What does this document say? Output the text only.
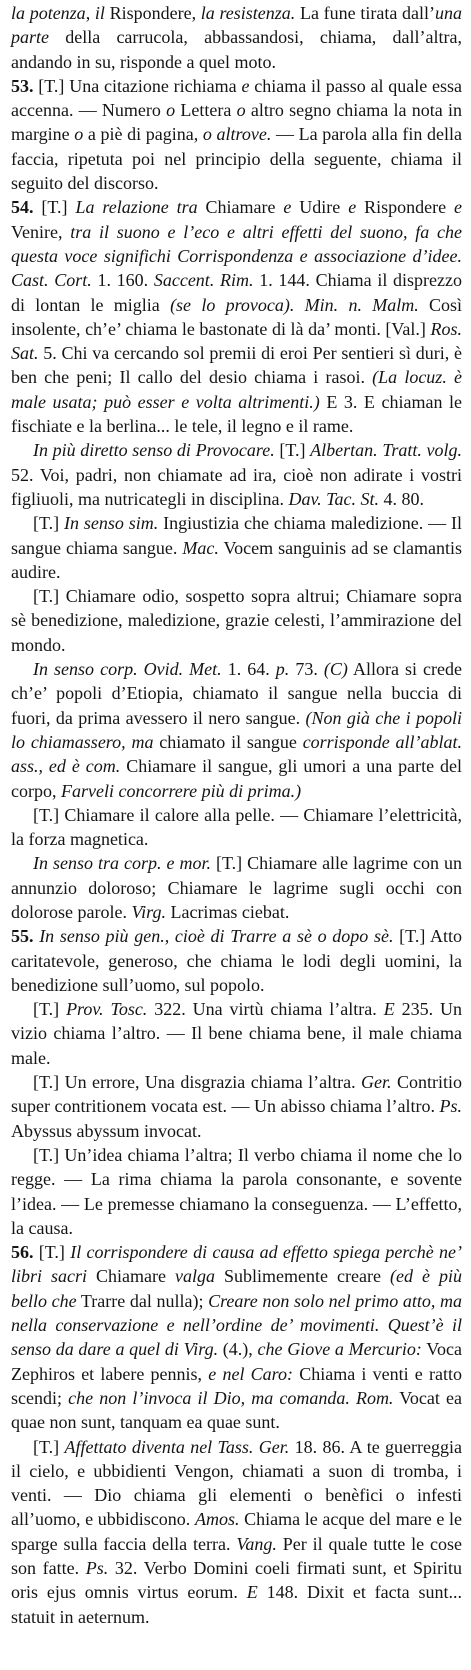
la potenza, il Rispondere, la resistenza. La fune tirata dall’una parte della carrucola, abbassandosi, chiama, dall’altra, andando in su, risponde a quel moto.

53. [T.] Una citazione richiama e chiama il passo al quale essa accenna. — Numero o Lettera o altro segno chiama la nota in margine o a piè di pagina, o altrove. — La parola alla fin della faccia, ripetuta poi nel principio della seguente, chiama il seguito del discorso.

54. [T.] La relazione tra Chiamare e Udire e Rispondere e Venire, tra il suono e l’eco e altri effetti del suono, fa che questa voce significhi Corrispondenza e associazione d’idee. Cast. Cort. 1. 160. Saccent. Rim. 1. 144. Chiama il disprezzo di lontan le miglia (se lo provoca). Min. n. Malm. Così insolente, ch’e’ chiama le bastonate di là da’ monti. [Val.] Ros. Sat. 5. Chi va cercando sol premii di eroi Per sentieri sì duri, è ben che peni; Il callo del desio chiama i rasoi. (La locuz. è male usata; può esser e volta altrimenti.) E 3. E chiaman le fischiate e la berlina... le tele, il legno e il rame.

In più diretto senso di Provocare. [T.] Albertan. Tratt. volg. 52. Voi, padri, non chiamate ad ira, cioè non adirate i vostri figliuoli, ma nutricategli in disciplina. Dav. Tac. St. 4. 80.

[T.] In senso sim. Ingiustizia che chiama maledizione. — Il sangue chiama sangue. Mac. Vocem sanguinis ad se clamantis audire.

[T.] Chiamare odio, sospetto sopra altrui; Chiamare sopra sè benedizione, maledizione, grazie celesti, l’ammirazione del mondo.

In senso corp. Ovid. Met. 1. 64. p. 73. (C) Allora si crede ch’e’ popoli d’Etiopia, chiamato il sangue nella buccia di fuori, da prima avessero il nero sangue. (Non già che i popoli lo chiamassero, ma chiamato il sangue corrisponde all’ablat. ass., ed è com. Chiamare il sangue, gli umori a una parte del corpo, Farveli concorrere più di prima.)

[T.] Chiamare il calore alla pelle. — Chiamare l’elettricità, la forza magnetica.

In senso tra corp. e mor. [T.] Chiamare alle lagrime con un annunzio doloroso; Chiamare le lagrime sugli occhi con dolorose parole. Virg. Lacrimas ciebat.

55. In senso più gen., cioè di Trarre a sè o dopo sè. [T.] Atto caritatevole, generoso, che chiama le lodi degli uomini, la benedizione sull’uomo, sul popolo.

[T.] Prov. Tosc. 322. Una virtù chiama l’altra. E 235. Un vizio chiama l’altro. — Il bene chiama bene, il male chiama male.

[T.] Un errore, Una disgrazia chiama l’altra. Ger. Contritio super contritionem vocata est. — Un abisso chiama l’altro. Ps. Abyssus abyssum invocat.

[T.] Un’idea chiama l’altra; Il verbo chiama il nome che lo regge. — La rima chiama la parola consonante, e sovente l’idea. — Le premesse chiamano la conseguenza. — L’effetto, la causa.

56. [T.] Il corrispondere di causa ad effetto spiega perchè ne’ libri sacri Chiamare valga Sublimemente creare (ed è più bello che Trarre dal nulla); Creare non solo nel primo atto, ma nella conservazione e nell’ordine de’ movimenti. Quest’è il senso da dare a quel di Virg. (4.), che Giove a Mercurio: Voca Zephiros et labere pennis, e nel Caro: Chiama i venti e ratto scendi; che non l’invoca il Dio, ma comanda. Rom. Vocat ea quae non sunt, tanquam ea quae sunt.

[T.] Affettato diventa nel Tass. Ger. 18. 86. A te guerreggia il cielo, e ubbidienti Vengon, chiamati a suon di tromba, i venti. — Dio chiama gli elementi o benèfici o infesti all’uomo, e ubbidiscono. Amos. Chiama le acque del mare e le sparge sulla faccia della terra. Vang. Per il quale tutte le cose son fatte. Ps. 32. Verbo Domini coeli firmati sunt, et Spiritu oris ejus omnis virtus eorum. E 148. Dixit et facta sunt... statuit in aeternum.
